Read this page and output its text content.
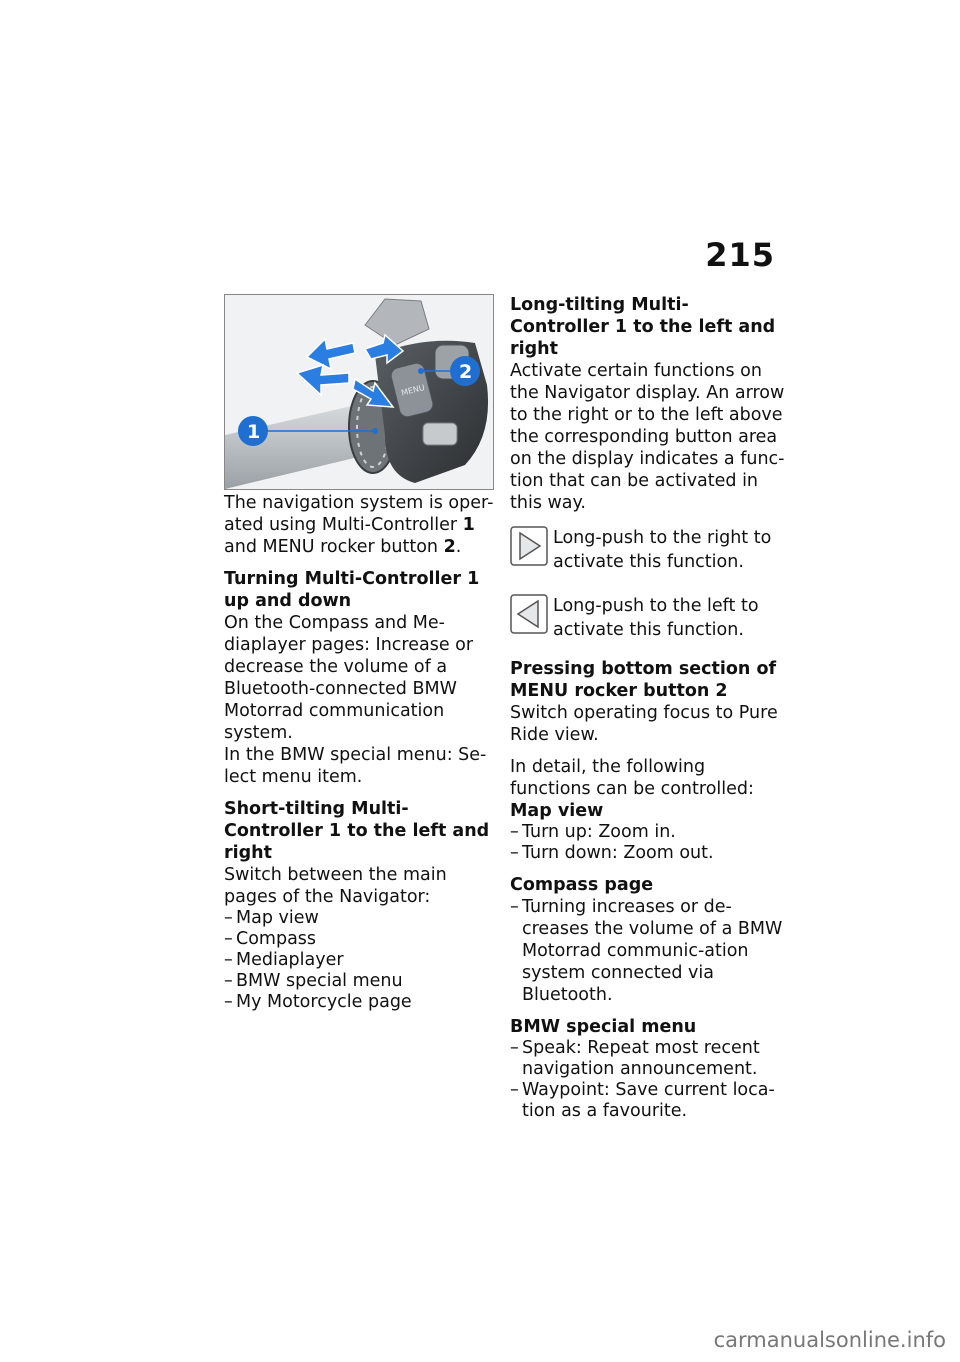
215
MENU
1
2

The navigation system is oper-ated using Multi-Controller 1 and MENU rocker button 2.

Turning Multi-Controller 1 up and down

On the Compass and Me-diaplayer pages: Increase or decrease the volume of a Bluetooth-connected BMW Motorrad communication system.

In the BMW special menu: Se-lect menu item.

Short-tilting Multi-Controller 1 to the left and right

Switch between the main pages of the Navigator:

– Map view
– Compass
– Mediaplayer
– BMW special menu
– My Motorcycle page
Long-tilting Multi-Controller 1 to the left and right

Activate certain functions on the Navigator display. An arrow to the right or to the left above the corresponding button area on the display indicates a func-tion that can be activated in this way.

Long-push to the right to activate this function.

Long-push to the left to activate this function.

Pressing bottom section of MENU rocker button 2

Switch operating focus to Pure Ride view.

In detail, the following functions can be controlled:

Map view
– Turn up: Zoom in.
– Turn down: Zoom out.
Compass page
– Turning increases or de-creases the volume of a BMW Motorrad communic-ation system connected via Bluetooth.
BMW special menu
– Speak: Repeat most recent navigation announcement.
– Waypoint: Save current loca-tion as a favourite.
carmanualsonline.info
